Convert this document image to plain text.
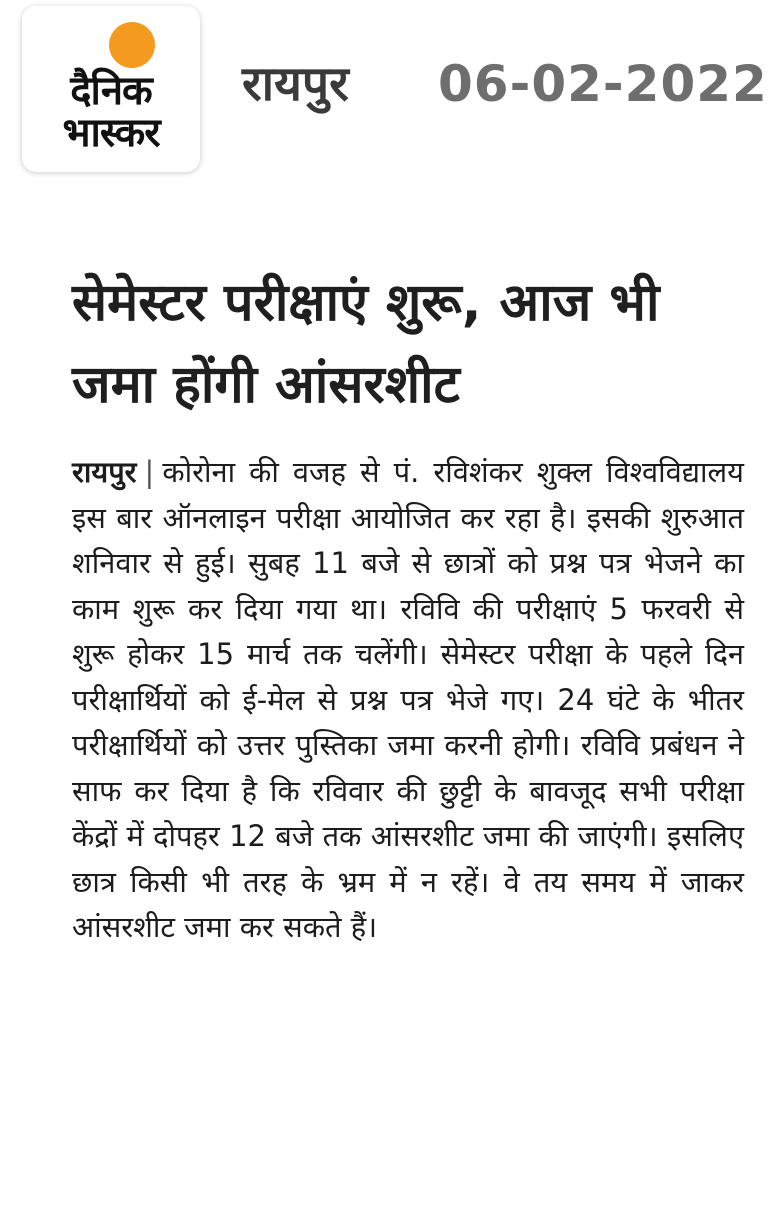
दैनिक
भास्कर
रायपुर 06-02-2022
सेमेस्टर परीक्षाएं शुरू, आज भी जमा होंगी आंसरशीट

रायपुर | कोरोना की वजह से पं. रविशंकर शुक्ल विश्वविद्यालय इस बार ऑनलाइन परीक्षा आयोजित कर रहा है। इसकी शुरुआत शनिवार से हुई। सुबह 11 बजे से छात्रों को प्रश्न पत्र भेजने का काम शुरू कर दिया गया था। रविवि की परीक्षाएं 5 फरवरी से शुरू होकर 15 मार्च तक चलेंगी। सेमेस्टर परीक्षा के पहले दिन परीक्षार्थियों को ई-मेल से प्रश्न पत्र भेजे गए। 24 घंटे के भीतर परीक्षार्थियों को उत्तर पुस्तिका जमा करनी होगी। रविवि प्रबंधन ने साफ कर दिया है कि रविवार की छुट्टी के बावजूद सभी परीक्षा केंद्रों में दोपहर 12 बजे तक आंसरशीट जमा की जाएंगी। इसलिए छात्र किसी भी तरह के भ्रम में न रहें। वे तय समय में जाकर आंसरशीट जमा कर सकते हैं।
